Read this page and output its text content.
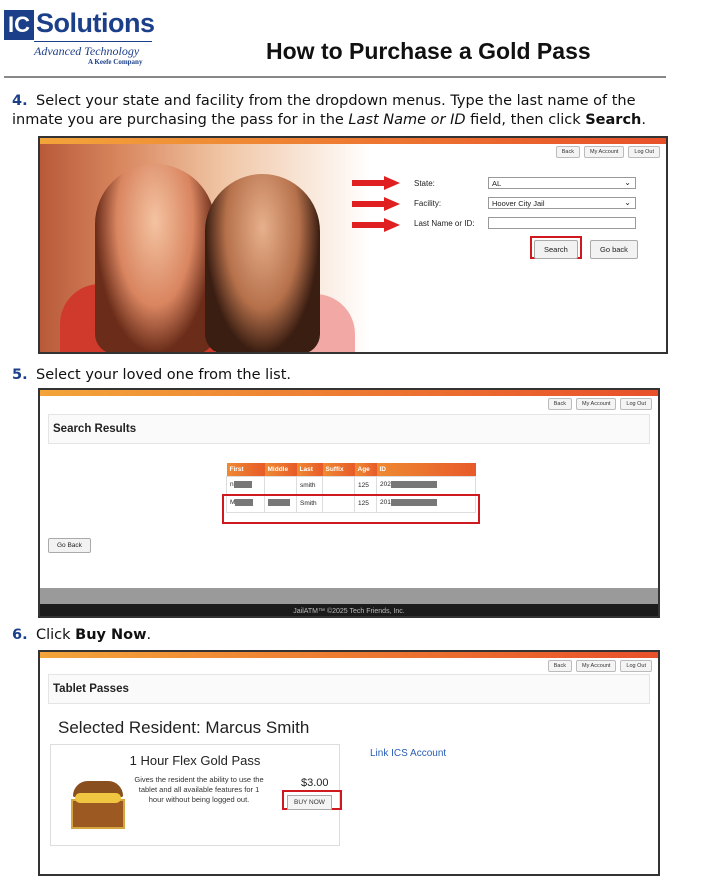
IC Solutions
Advanced Technology
A Keefe Company	How to Purchase a Gold Pass
4. Select your state and facility from the dropdown menus. Type the last name of the inmate you are purchasing the pass for in the Last Name or ID field, then click Search.
Back	My Account	Log Out
State:	AL	⌄
Facility:	Hoover City Jail	⌄
Last Name or ID:
Search	Go back
5. Select your loved one from the list.
Back	My Account	Log Out
Search Results
First	Middle	Last	Suffix	Age	ID
n		smith		125	202
M		Smith		125	201
Go Back
JailATM™ ©2025 Tech Friends, Inc.
6. Click Buy Now.
Back	My Account	Log Out
Tablet Passes
Selected Resident: Marcus Smith
1 Hour Flex Gold Pass
Gives the resident the ability to use the tablet and all available features for 1 hour without being logged out.
$3.00
BUY NOW
Link ICS Account
